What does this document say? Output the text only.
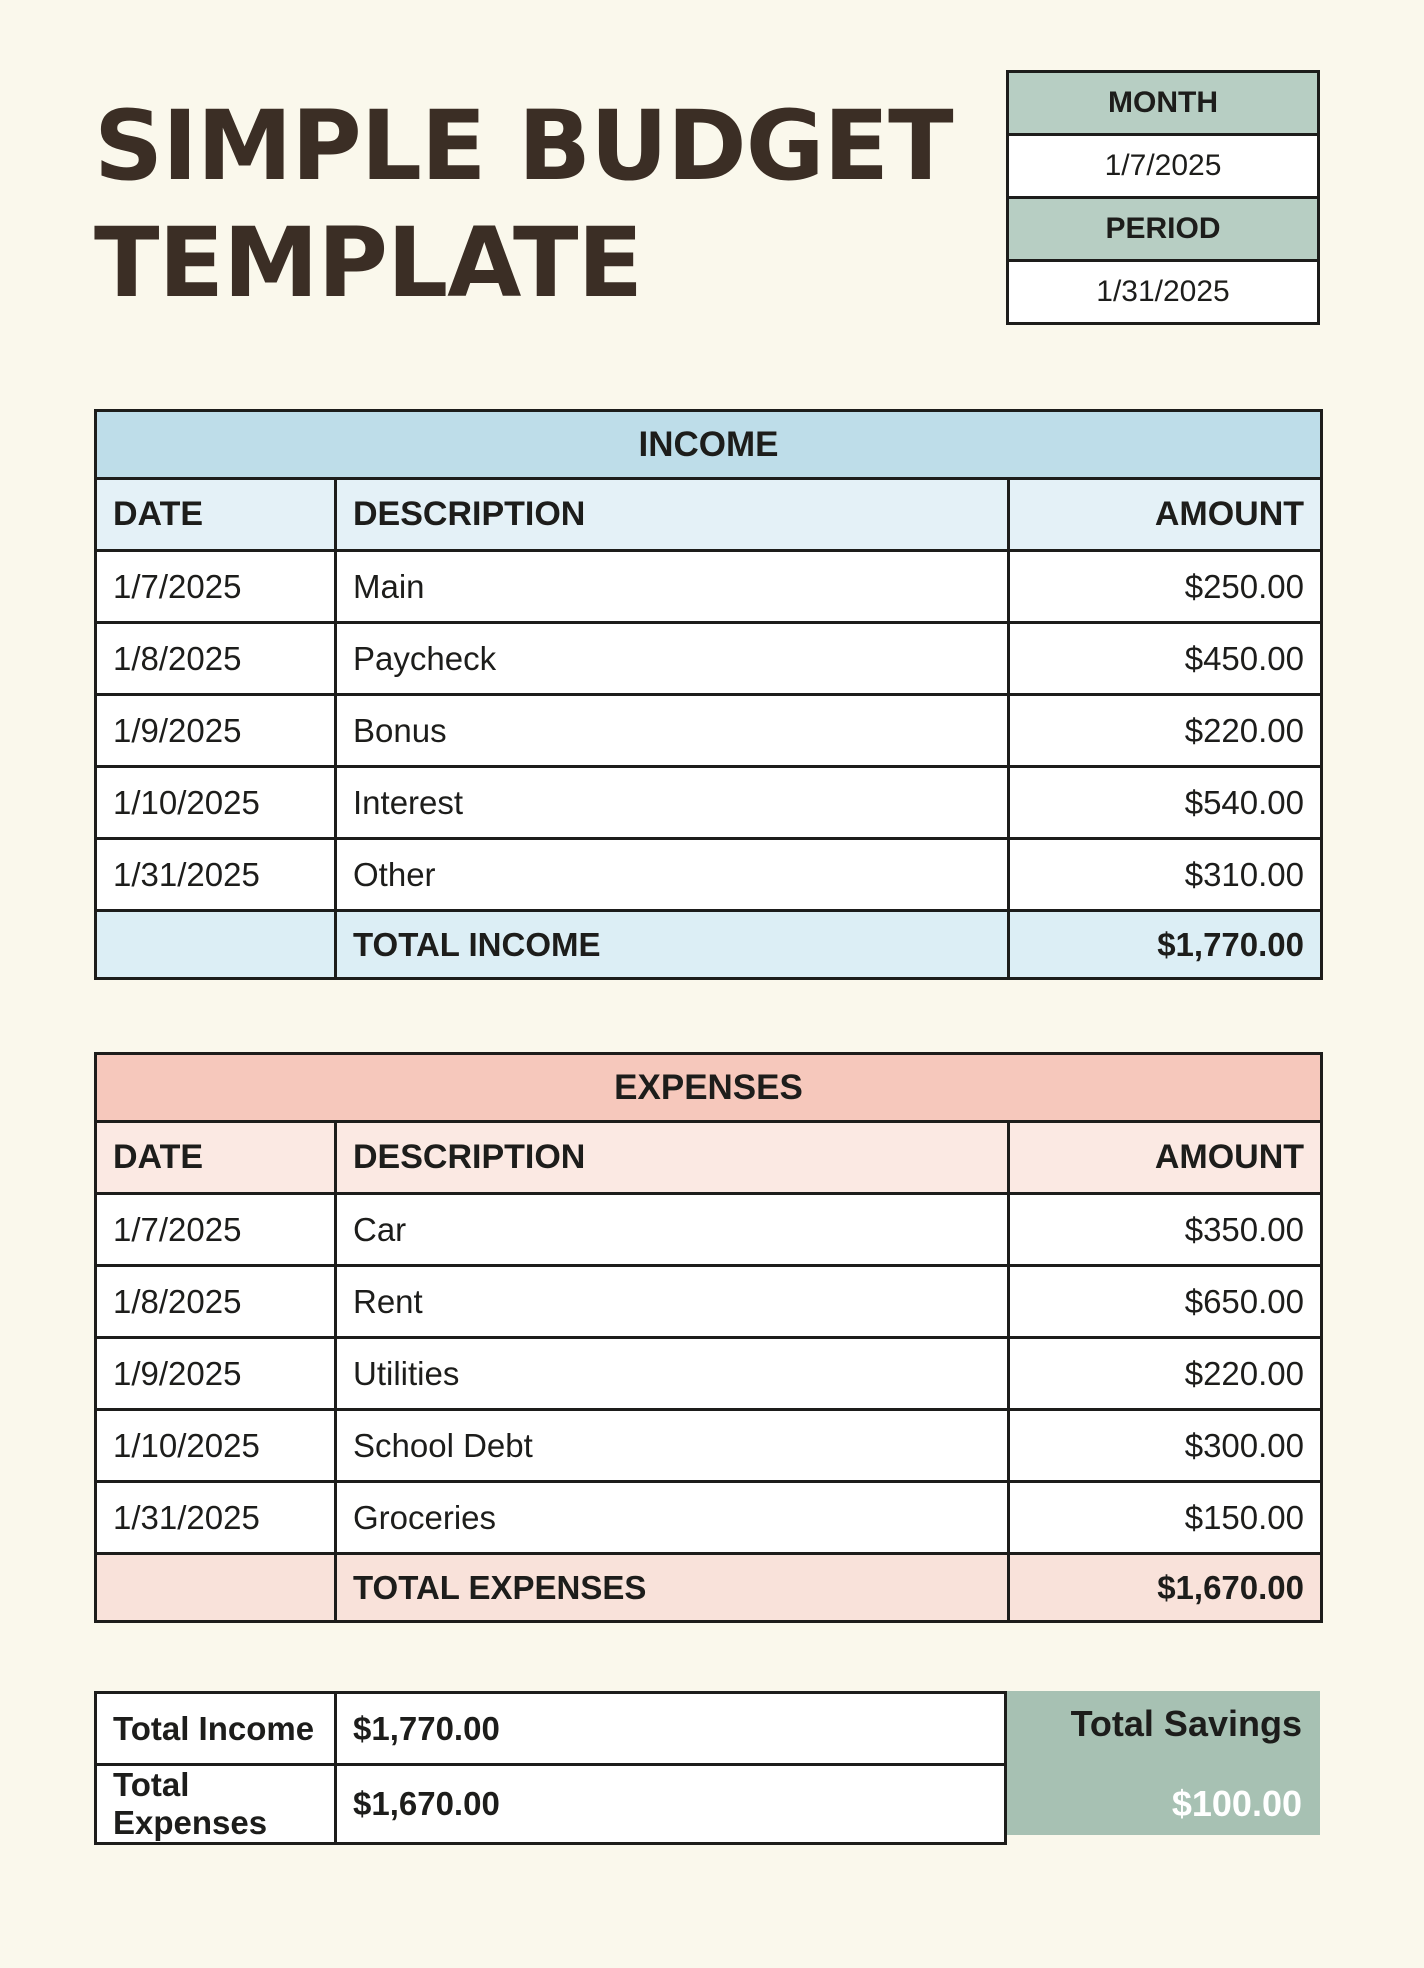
SIMPLE BUDGET
TEMPLATE
MONTH
1/7/2025
PERIOD
1/31/2025
INCOME		
DATE	DESCRIPTION	AMOUNT
1/7/2025	Main	$250.00
1/8/2025	Paycheck	$450.00
1/9/2025	Bonus	$220.00
1/10/2025	Interest	$540.00
1/31/2025	Other	$310.00
	TOTAL INCOME	$1,770.00
EXPENSES		
DATE	DESCRIPTION	AMOUNT
1/7/2025	Car	$350.00
1/8/2025	Rent	$650.00
1/9/2025	Utilities	$220.00
1/10/2025	School Debt	$300.00
1/31/2025	Groceries	$150.00
	TOTAL EXPENSES	$1,670.00
Total Income	$1,770.00
Total Expenses	$1,670.00
Total Savings
$100.00
